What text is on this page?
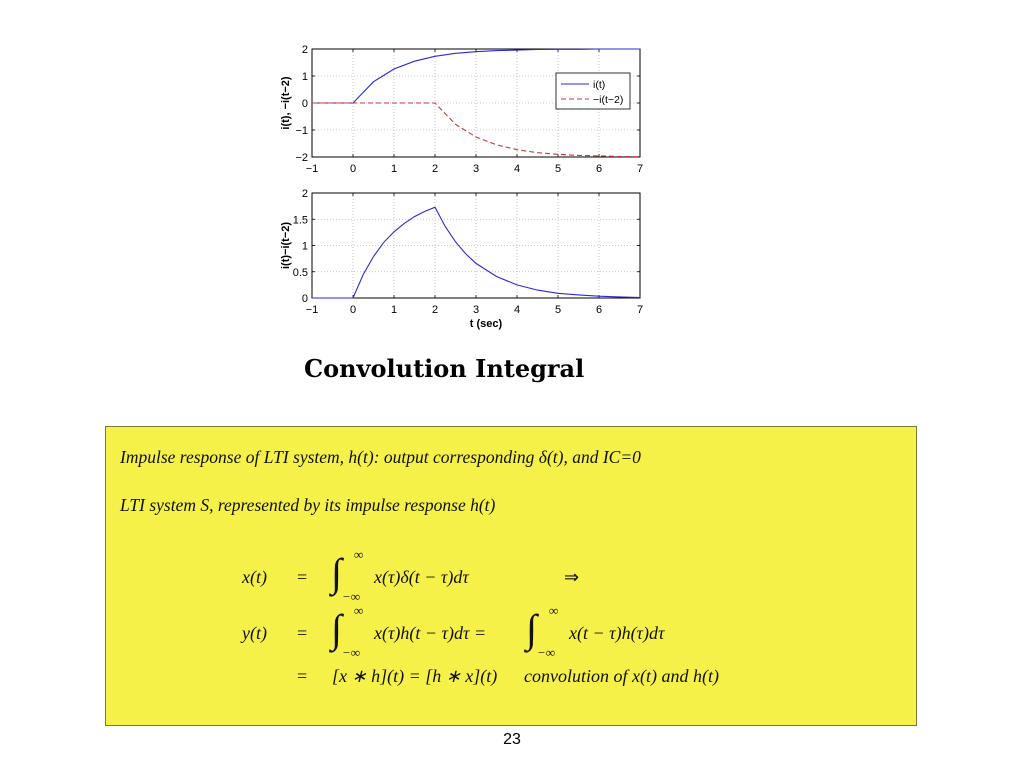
−1	0	1	2	3	4	5	6	7
−2
−1
0
1
2
i(t), −i(t−2)	i(t)
−i(t−2)
−1	0	1	2	3	4	5	6	7
0
0.5
1
1.5
2
i(t)−i(t−2)
t (sec)
Convolution Integral
Impulse response of LTI system, h(t): output corresponding δ(t), and IC=0
LTI system S, represented by its impulse response h(t)
x(t) = ∫ ∞
−∞
x(τ)δ(t − τ)dτ	⇒
y(t) = ∫ ∞
−∞
x(τ)h(t − τ)dτ = ∫ ∞
−∞
x(t − τ)h(τ)dτ
= [x ∗ h](t) = [h ∗ x](t) convolution of x(t) and h(t)
23
